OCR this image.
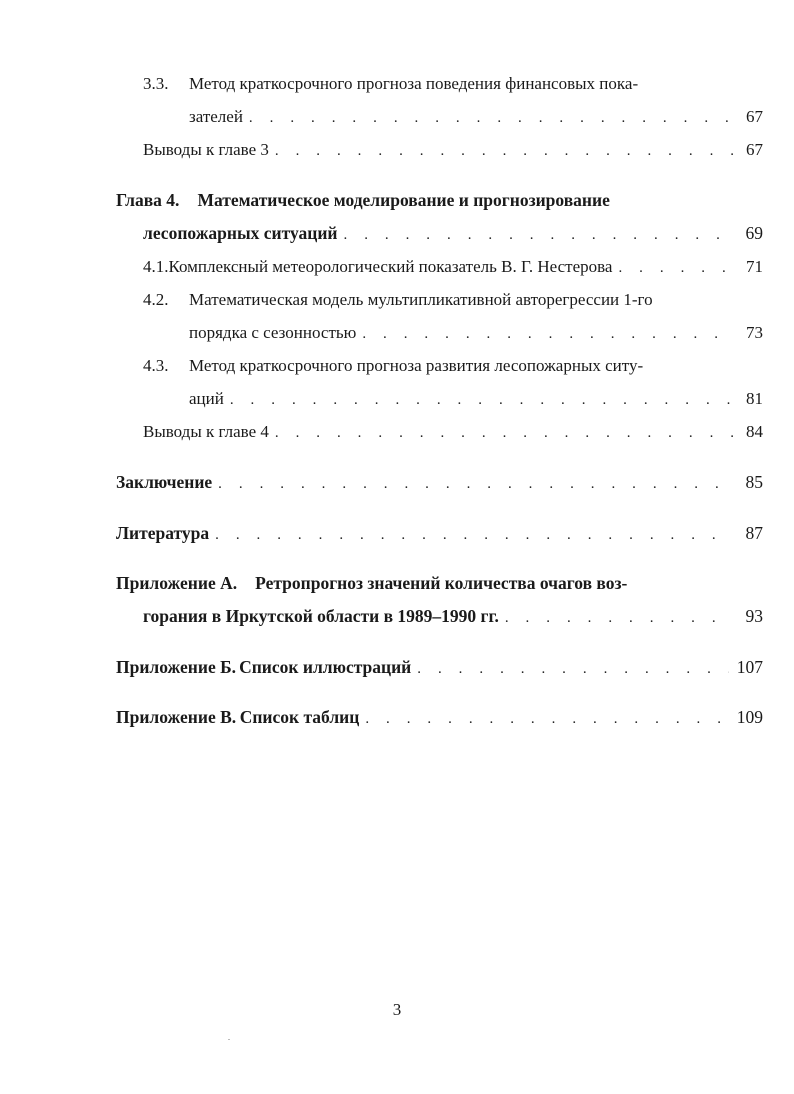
3.3.	Метод краткосрочного прогноза поведения финансовых пока-
зателей . . .	67
Выводы к главе 3 . . .	67
Глава 4. Математическое моделирование и прогнозирование
лесопожарных ситуаций . . .	69
4.1. Комплексный метеорологический показатель В. Г. Нестерова . . .	71
4.2.	Математическая модель мультипликативной авторегрессии 1-го
порядка с сезонностью . . .	73
4.3.	Метод краткосрочного прогноза развития лесопожарных ситу-
аций . . .	81
Выводы к главе 4 . . .	84
Заключение . . .	85
Литература . . .	87
Приложение А. Ретропрогноз значений количества очагов воз-
горания в Иркутской области в 1989–1990 гг. . . .	93
Приложение Б. Список иллюстраций . . .	107
Приложение В. Список таблиц . . .	109
3
